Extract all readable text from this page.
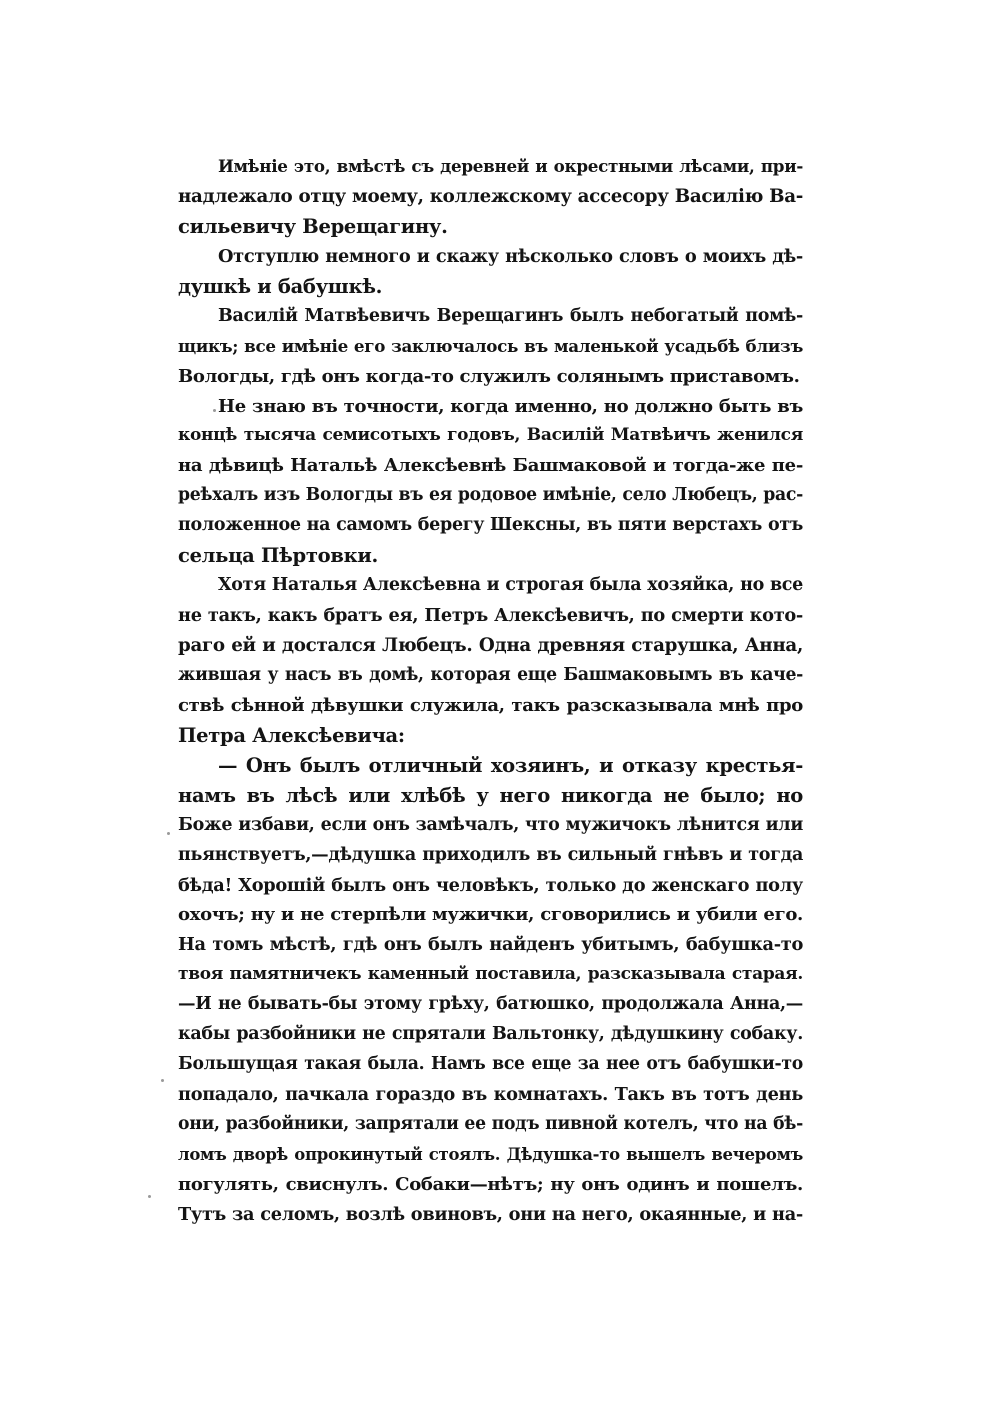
Имѣніе это, вмѣстѣ съ деревней и окрестными лѣсами, при-
надлежало отцу моему, коллежскому ассесору Василію Ва-
сильевичу Верещагину.
Отступлю немного и скажу нѣсколько словъ о моихъ дѣ-
душкѣ и бабушкѣ.
Василій Матвѣевичъ Верещагинъ былъ небогатый помѣ-
щикъ; все имѣніе его заключалось въ маленькой усадьбѣ близъ
Вологды, гдѣ онъ когда-то служилъ солянымъ приставомъ.
Не знаю въ точности, когда именно, но должно быть въ
концѣ тысяча семисотыхъ годовъ, Василій Матвѣичъ женился
на дѣвицѣ Натальѣ Алексѣевнѣ Башмаковой и тогда-же пе-
реѣхалъ изъ Вологды въ ея родовое имѣніе, село Любецъ, рас-
положенное на самомъ берегу Шексны, въ пяти верстахъ отъ
сельца Пѣртовки.
Хотя Наталья Алексѣевна и строгая была хозяйка, но все
не такъ, какъ братъ ея, Петръ Алексѣевичъ, по смерти кото-
раго ей и достался Любецъ. Одна древняя старушка, Анна,
жившая у насъ въ домѣ, которая еще Башмаковымъ въ каче-
ствѣ сѣнной дѣвушки служила, такъ разсказывала мнѣ про
Петра Алексѣевича:
— Онъ былъ отличный хозяинъ, и отказу крестья-
намъ въ лѣсѣ или хлѣбѣ у него никогда не было; но
Боже избави, если онъ замѣчалъ, что мужичокъ лѣнится или
пьянствуетъ,—дѣдушка приходилъ въ сильный гнѣвъ и тогда
бѣда! Хорошій былъ онъ человѣкъ, только до женскаго полу
охочъ; ну и не стерпѣли мужички, сговорились и убили его.
На томъ мѣстѣ, гдѣ онъ былъ найденъ убитымъ, бабушка-то
твоя памятничекъ каменный поставила, разсказывала старая.
—И не бывать-бы этому грѣху, батюшко, продолжала Анна,—
кабы разбойники не спрятали Вальтонку, дѣдушкину собаку.
Большущая такая была. Намъ все еще за нее отъ бабушки-то
попадало, пачкала гораздо въ комнатахъ. Такъ въ тотъ день
они, разбойники, запрятали ее подъ пивной котелъ, что на бѣ-
ломъ дворѣ опрокинутый стоялъ. Дѣдушка-то вышелъ вечеромъ
погулять, свиснулъ. Собаки—нѣтъ; ну онъ одинъ и пошелъ.
Тутъ за селомъ, возлѣ овиновъ, они на него, окаянные, и на-
